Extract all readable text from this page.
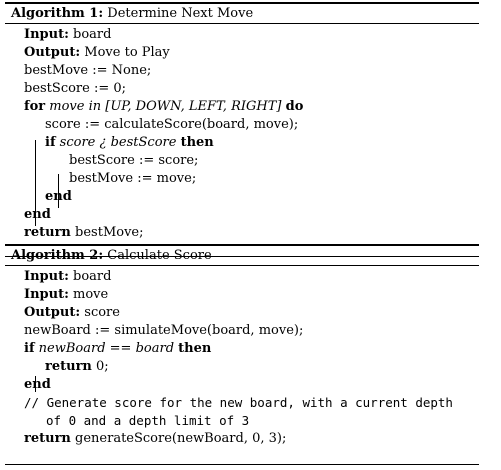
Algorithm 1: Determine Next Move
Input: board
Output: Move to Play
bestMove := None;
bestScore := 0;
for move in [UP, DOWN, LEFT, RIGHT] do
score := calculateScore(board, move);
if score ¿ bestScore then
bestScore := score;
bestMove := move;
end
end
return bestMove;
Algorithm 2: Calculate Score
Input: board
Input: move
Output: score
newBoard := simulateMove(board, move);
if newBoard == board then
return 0;
end
// Generate score for the new board, with a current depth
of 0 and a depth limit of 3
return generateScore(newBoard, 0, 3);
